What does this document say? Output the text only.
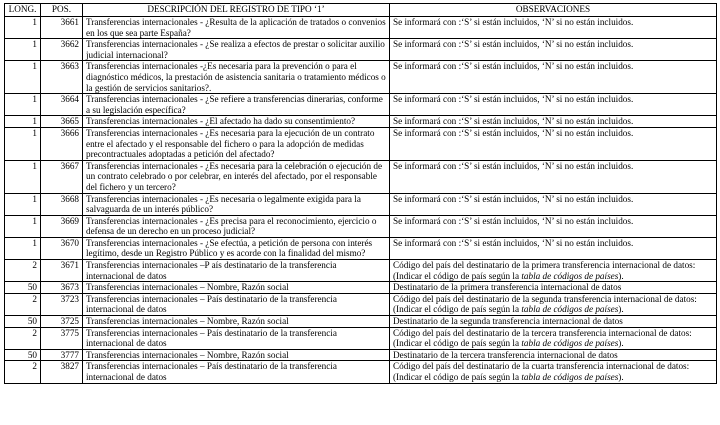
LONG.	POS.	DESCRIPCIÓN DEL REGISTRO DE TIPO ‘1’	OBSERVACIONES
1	3661	Transferencias internacionales - ¿Resulta de la aplicación de tratados o convenios en los que sea parte España?	Se informará con :‘S’ si están incluidos, ‘N’ si no están incluidos.
1	3662	Transferencias internacionales - ¿Se realiza a efectos de prestar o solicitar auxilio judicial internacional?	Se informará con :‘S’ si están incluidos, ‘N’ si no están incluidos.
1	3663	Transferencias internacionales -¿Es necesaria para la prevención o para el diagnóstico médicos, la prestación de asistencia sanitaria o tratamiento médicos o la gestión de servicios sanitarios?.	Se informará con :‘S’ si están incluidos, ‘N’ si no están incluidos.
1	3664	Transferencias internacionales - ¿Se refiere a transferencias dinerarias, conforme a su legislación específica?	Se informará con :‘S’ si están incluidos, ‘N’ si no están incluidos.
1	3665	Transferencias internacionales - ¿El afectado ha dado su consentimiento?	Se informará con :‘S’ si están incluidos, ‘N’ si no están incluidos.
1	3666	Transferencias internacionales - ¿Es necesaria para la ejecución de un contrato entre el afectado y el responsable del fichero o para la adopción de medidas precontractuales adoptadas a petición del afectado?	Se informará con :‘S’ si están incluidos, ‘N’ si no están incluidos.
1	3667	Transferencias internacionales - ¿Es necesaria para la celebración o ejecución de un contrato celebrado o por celebrar, en interés del afectado, por el responsable del fichero y un tercero?	Se informará con :‘S’ si están incluidos, ‘N’ si no están incluidos.
1	3668	Transferencias internacionales - ¿Es necesaria o legalmente exigida para la salvaguarda de un interés público?	Se informará con :‘S’ si están incluidos, ‘N’ si no están incluidos.
1	3669	Transferencias internacionales - ¿Es precisa para el reconocimiento, ejercicio o defensa de un derecho en un proceso judicial?	Se informará con :‘S’ si están incluidos, ‘N’ si no están incluidos.
1	3670	Transferencias internacionales - ¿Se efectúa, a petición de persona con interés legítimo, desde un Registro Público y es acorde con la finalidad del mismo?	Se informará con :‘S’ si están incluidos, ‘N’ si no están incluidos.
2	3671	Transferencias internacionales –P aís destinatario de la transferencia internacional de datos	Código del país del destinatario de la primera transferencia internacional de datos: (Indicar el código de país según la tabla de códigos de países).
50	3673	Transferencias internacionales – Nombre, Razón social	Destinatario de la primera transferencia internacional de datos
2	3723	Transferencias internacionales – País destinatario de la transferencia internacional de datos	Código del país del destinatario de la segunda transferencia internacional de datos: (Indicar el código de país según la tabla de códigos de países).
50	3725	Transferencias internacionales – Nombre, Razón social	Destinatario de la segunda transferencia internacional de datos
2	3775	Transferencias internacionales – País destinatario de la transferencia internacional de datos	Código del país del destinatario de la tercera transferencia internacional de datos: (Indicar el código de país según la tabla de códigos de países).
50	3777	Transferencias internacionales – Nombre, Razón social	Destinatario de la tercera transferencia internacional de datos
2	3827	Transferencias internacionales – País destinatario de la transferencia internacional de datos	Código del país del destinatario de la cuarta transferencia internacional de datos: (Indicar el código de país según la tabla de códigos de países).
